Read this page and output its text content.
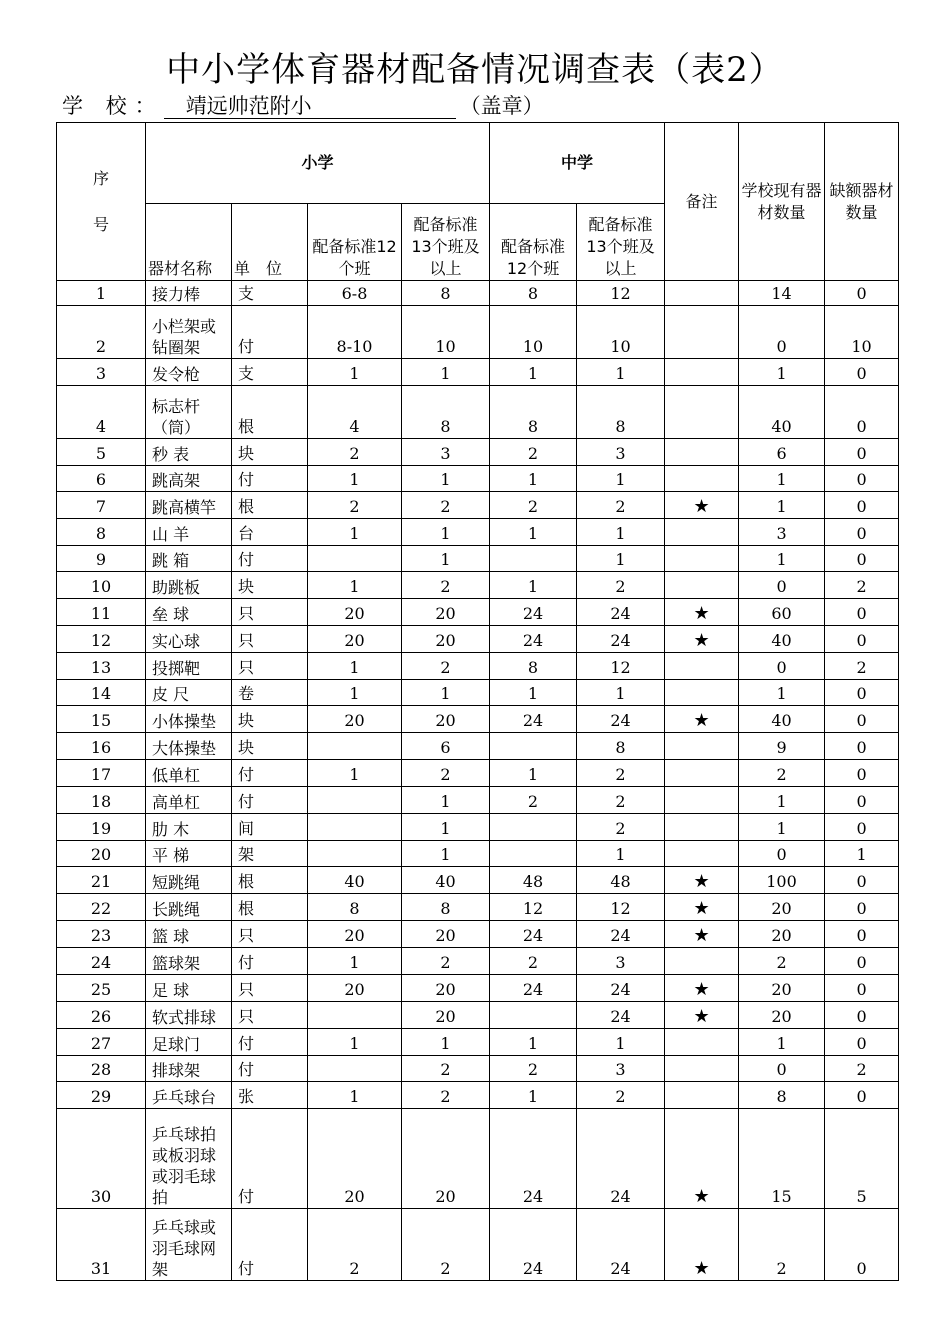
中小学体育器材配备情况调查表（表2）
学 校： 靖远帅范附小	（盖章）
序
号	小学				中学		备注	学校现有器材数量	缺额器材数量
	器材名称	单　位	配备标准12个班	配备标准13个班及以上	配备标准12个班	配备标准13个班及以上			
1	接力棒	支	6-8	8	8	12		14	0
2	小栏架或钻圈架	付	8-10	10	10	10		0	10
3	发令枪	支	1	1	1	1		1	0
4	标志杆（筒）	根	4	8	8	8		40	0
5	秒 表	块	2	3	2	3		6	0
6	跳高架	付	1	1	1	1		1	0
7	跳高横竿	根	2	2	2	2	★	1	0
8	山 羊	台	1	1	1	1		3	0
9	跳 箱	付		1		1		1	0
10	助跳板	块	1	2	1	2		0	2
11	垒 球	只	20	20	24	24	★	60	0
12	实心球	只	20	20	24	24	★	40	0
13	投掷靶	只	1	2	8	12		0	2
14	皮 尺	卷	1	1	1	1		1	0
15	小体操垫	块	20	20	24	24	★	40	0
16	大体操垫	块		6		8		9	0
17	低单杠	付	1	2	1	2		2	0
18	高单杠	付		1	2	2		1	0
19	肋 木	间		1		2		1	0
20	平 梯	架		1		1		0	1
21	短跳绳	根	40	40	48	48	★	100	0
22	长跳绳	根	8	8	12	12	★	20	0
23	篮 球	只	20	20	24	24	★	20	0
24	篮球架	付	1	2	2	3		2	0
25	足 球	只	20	20	24	24	★	20	0
26	软式排球	只		20		24	★	20	0
27	足球门	付	1	1	1	1		1	0
28	排球架	付		2	2	3		0	2
29	乒乓球台	张	1	2	1	2		8	0
30	乒乓球拍或板羽球或羽毛球拍	付	20	20	24	24	★	15	5
31	乒乓球或羽毛球网架	付	2	2	24	24	★	2	0
